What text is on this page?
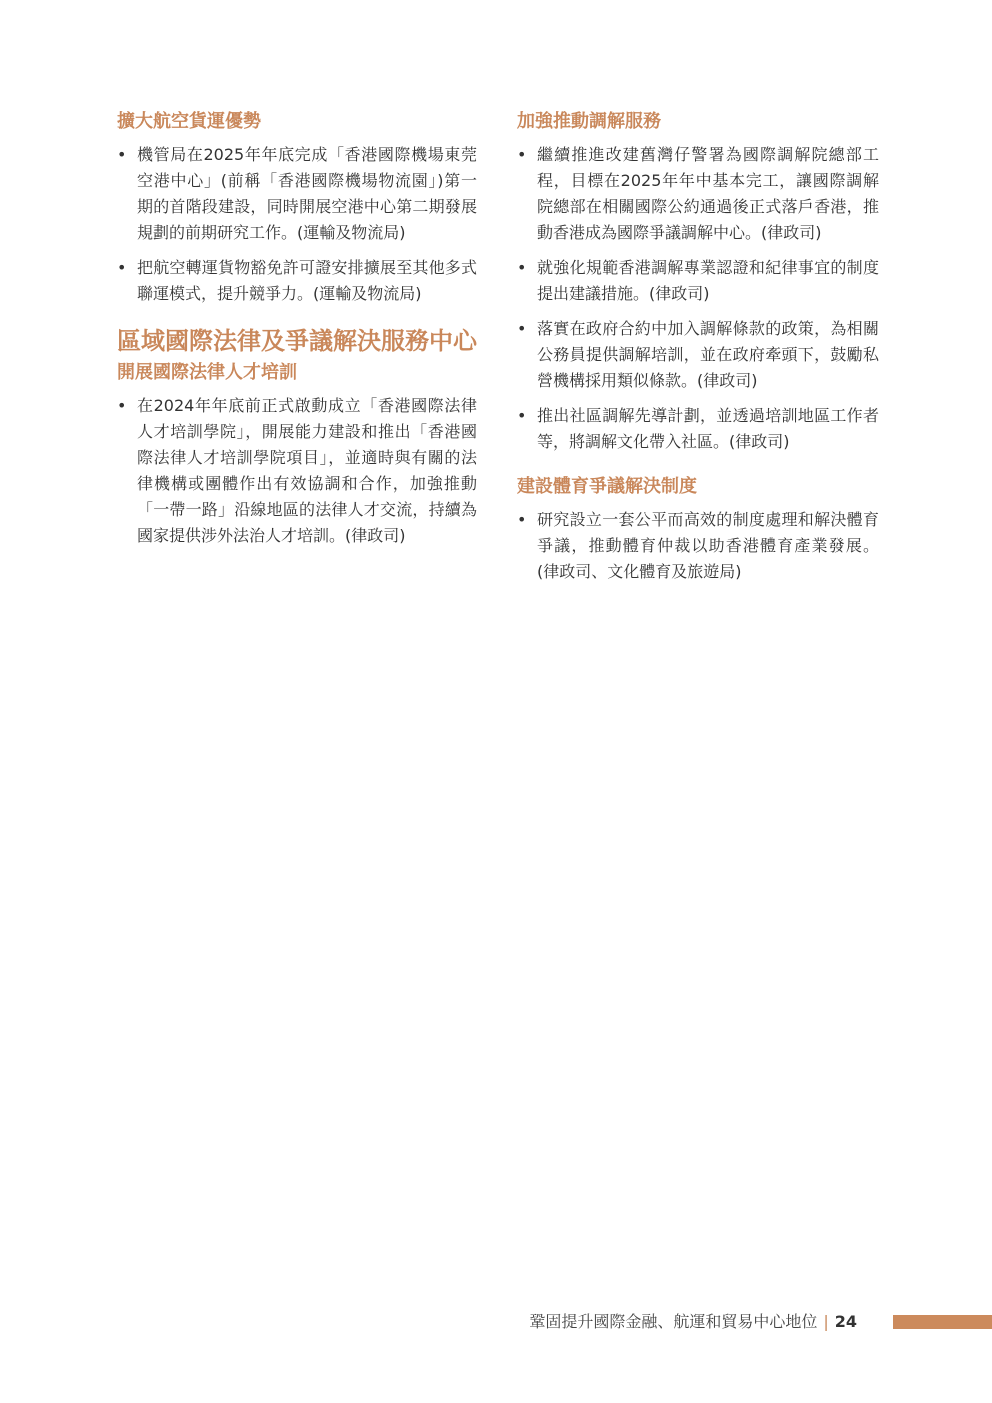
擴大航空貨運優勢
• 機管局在2025年年底完成「香港國際機場東莞空港中心」(前稱「香港國際機場物流園」)第一期的首階段建設，同時開展空港中心第二期發展規劃的前期研究工作。(運輸及物流局)
• 把航空轉運貨物豁免許可證安排擴展至其他多式聯運模式，提升競爭力。(運輸及物流局)
區域國際法律及爭議解決服務中心
開展國際法律人才培訓
• 在2024年年底前正式啟動成立「香港國際法律人才培訓學院」，開展能力建設和推出「香港國際法律人才培訓學院項目」，並適時與有關的法律機構或團體作出有效協調和合作，加強推動「一帶一路」沿線地區的法律人才交流，持續為國家提供涉外法治人才培訓。(律政司)
加強推動調解服務
• 繼續推進改建舊灣仔警署為國際調解院總部工程，目標在2025年年中基本完工，讓國際調解院總部在相關國際公約通過後正式落戶香港，推動香港成為國際爭議調解中心。(律政司)
• 就強化規範香港調解專業認證和紀律事宜的制度提出建議措施。(律政司)
• 落實在政府合約中加入調解條款的政策，為相關公務員提供調解培訓，並在政府牽頭下，鼓勵私營機構採用類似條款。(律政司)
• 推出社區調解先導計劃，並透過培訓地區工作者等，將調解文化帶入社區。(律政司)
建設體育爭議解決制度
• 研究設立一套公平而高效的制度處理和解決體育爭議，推動體育仲裁以助香港體育產業發展。(律政司、文化體育及旅遊局)
鞏固提升國際金融、航運和貿易中心地位 | 24
